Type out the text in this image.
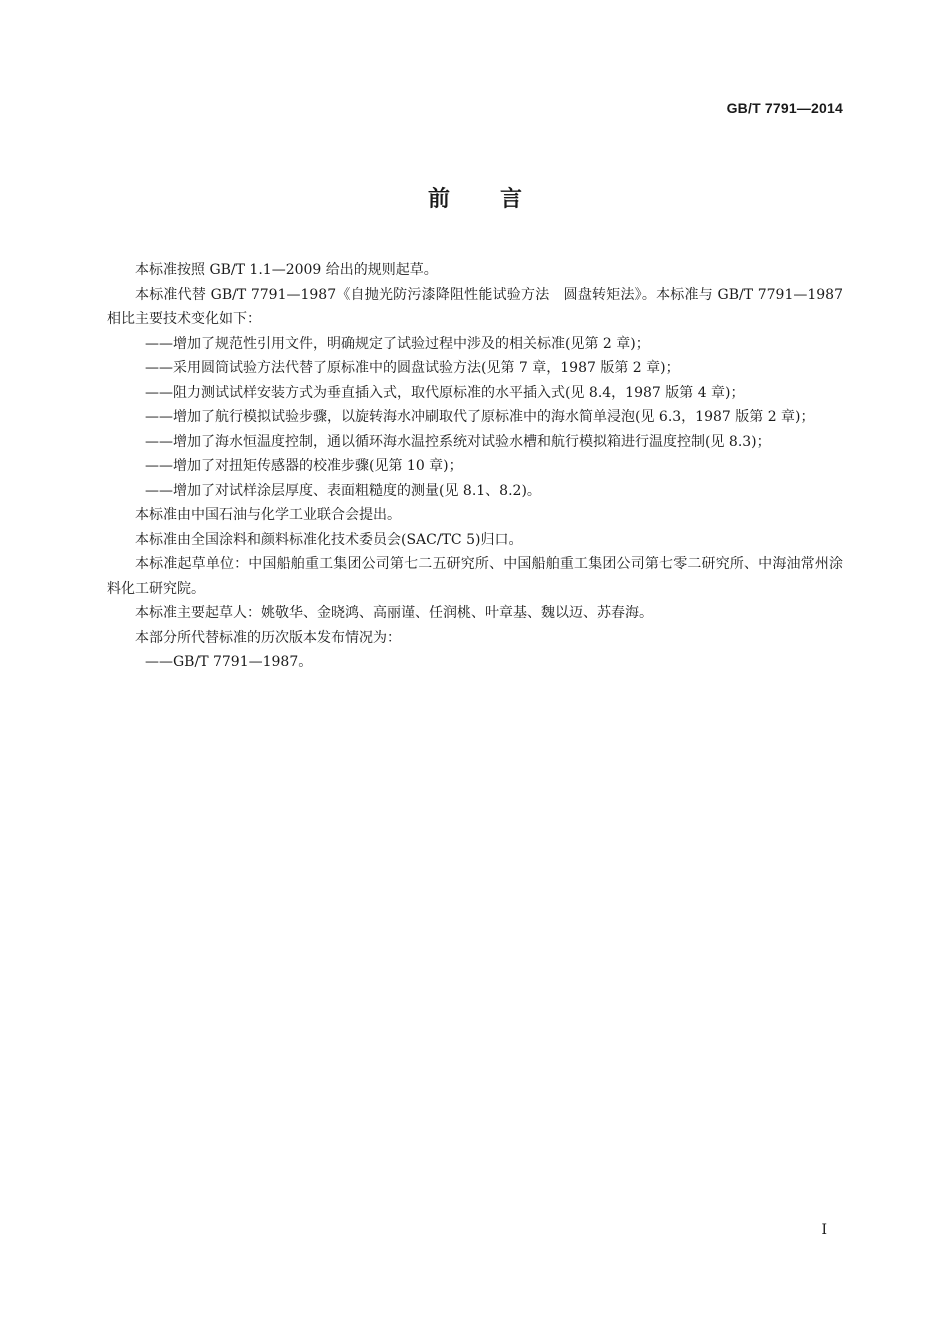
GB/T 7791—2014
前言

本标准按照 GB/T 1.1—2009 给出的规则起草。

本标准代替 GB/T 7791—1987《自抛光防污漆降阻性能试验方法　圆盘转矩法》。本标准与 GB/T 7791—1987相比主要技术变化如下：

——增加了规范性引用文件，明确规定了试验过程中涉及的相关标准(见第 2 章)；

——采用圆筒试验方法代替了原标准中的圆盘试验方法(见第 7 章，1987 版第 2 章)；

——阻力测试试样安装方式为垂直插入式，取代原标准的水平插入式(见 8.4，1987 版第 4 章)；

——增加了航行模拟试验步骤，以旋转海水冲刷取代了原标准中的海水简单浸泡(见 6.3，1987 版第 2 章)；

——增加了海水恒温度控制，通以循环海水温控系统对试验水槽和航行模拟箱进行温度控制(见 8.3)；

——增加了对扭矩传感器的校准步骤(见第 10 章)；

——增加了对试样涂层厚度、表面粗糙度的测量(见 8.1、8.2)。

本标准由中国石油与化学工业联合会提出。

本标准由全国涂料和颜料标准化技术委员会(SAC/TC 5)归口。

本标准起草单位：中国船舶重工集团公司第七二五研究所、中国船舶重工集团公司第七零二研究所、中海油常州涂料化工研究院。

本标准主要起草人：姚敬华、金晓鸿、高丽谨、任润桃、叶章基、魏以迈、苏春海。

本部分所代替标准的历次版本发布情况为：

——GB/T 7791—1987。

I
